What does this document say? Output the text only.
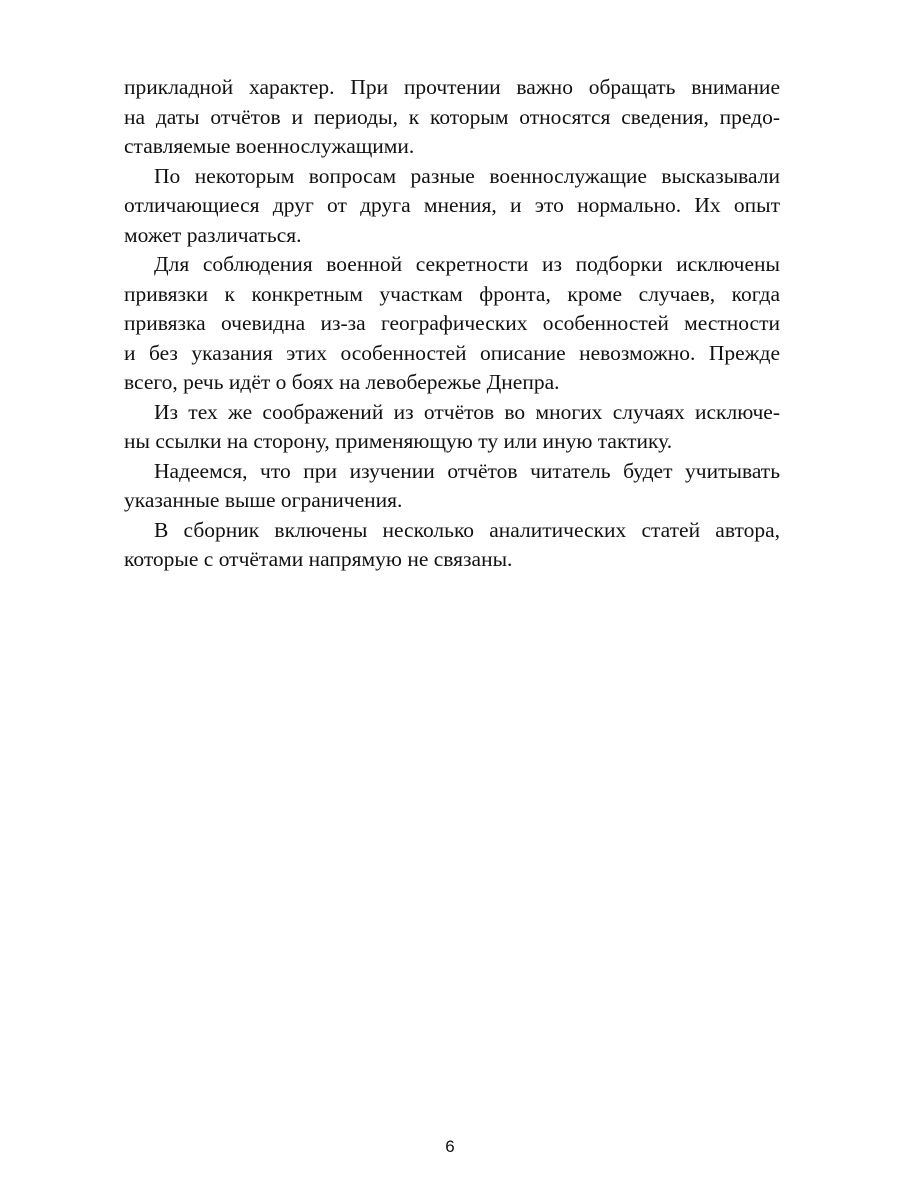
прикладной характер. При прочтении важно обращать внимание
на даты отчётов и периоды, к которым относятся сведения, предо-
ставляемые военнослужащими.
По некоторым вопросам разные военнослужащие высказывали
отличающиеся друг от друга мнения, и это нормально. Их опыт
может различаться.
Для соблюдения военной секретности из подборки исключены
привязки к конкретным участкам фронта, кроме случаев, когда
привязка очевидна из-за географических особенностей местности
и без указания этих особенностей описание невозможно. Прежде
всего, речь идёт о боях на левобережье Днепра.
Из тех же соображений из отчётов во многих случаях исключе-
ны ссылки на сторону, применяющую ту или иную тактику.
Надеемся, что при изучении отчётов читатель будет учитывать
указанные выше ограничения.
В сборник включены несколько аналитических статей автора,
которые с отчётами напрямую не связаны.
6
